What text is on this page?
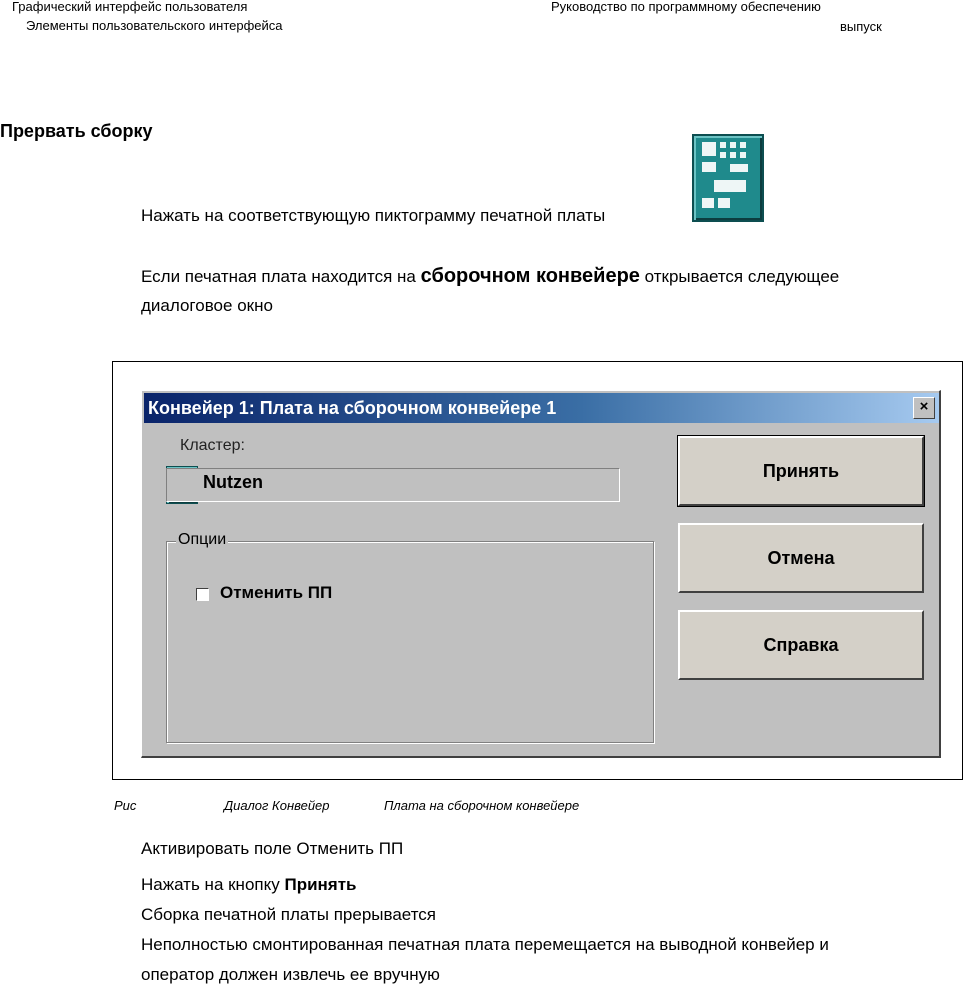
Графический интерфейс пользователя
Элементы пользовательского интерфейса
Руководство по программному обеспечению
выпуск
Прервать сборку
Нажать на соответствующую пиктограмму печатной платы
Если печатная плата находится на сборочном конвейере открывается следующее
диалоговое окно
Конвейер 1: Плата на сборочном конвейере 1	×
Кластер:
Nutzen
Опции
Отменить ПП
Принять
Отмена
Справка
Рис	Диалог Конвейер	Плата на сборочном конвейере
Активировать поле Отменить ПП
Нажать на кнопку Принять
Сборка печатной платы прерывается
Неполностью смонтированная печатная плата перемещается на выводной конвейер и
оператор должен извлечь ее вручную
